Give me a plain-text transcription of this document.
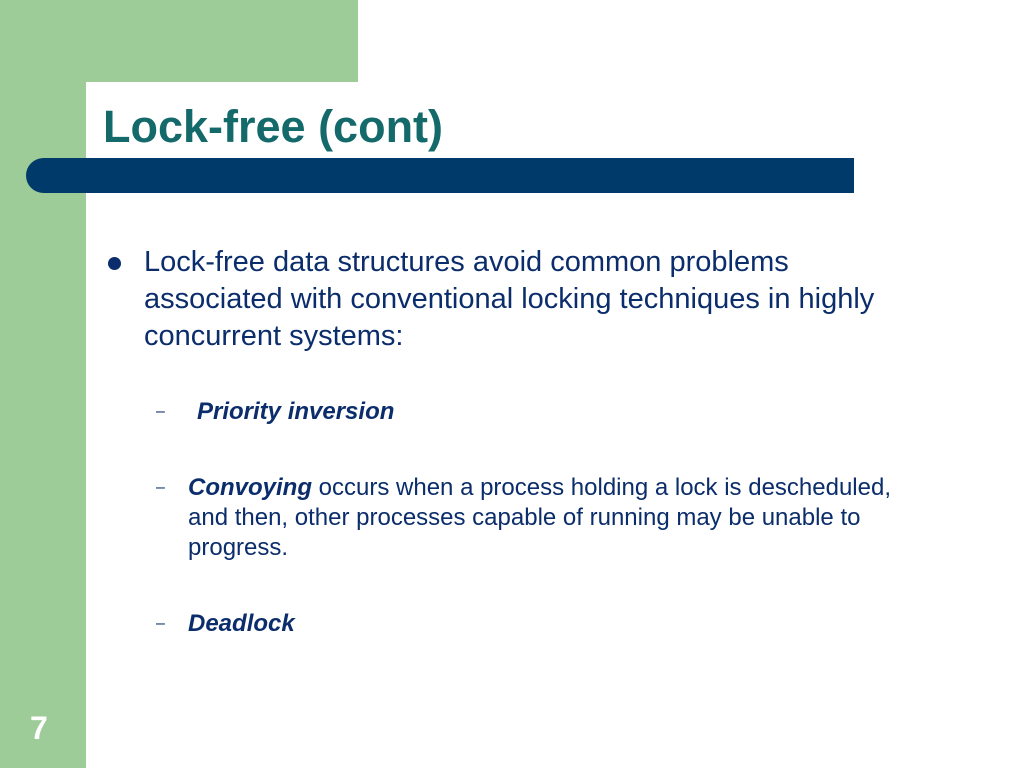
Lock-free (cont)
Lock-free data structures avoid common problems associated with conventional locking techniques in highly concurrent systems:
– Priority inversion
– Convoying occurs when a process holding a lock is descheduled, and then, other processes capable of running may be unable to progress.
– Deadlock
7
